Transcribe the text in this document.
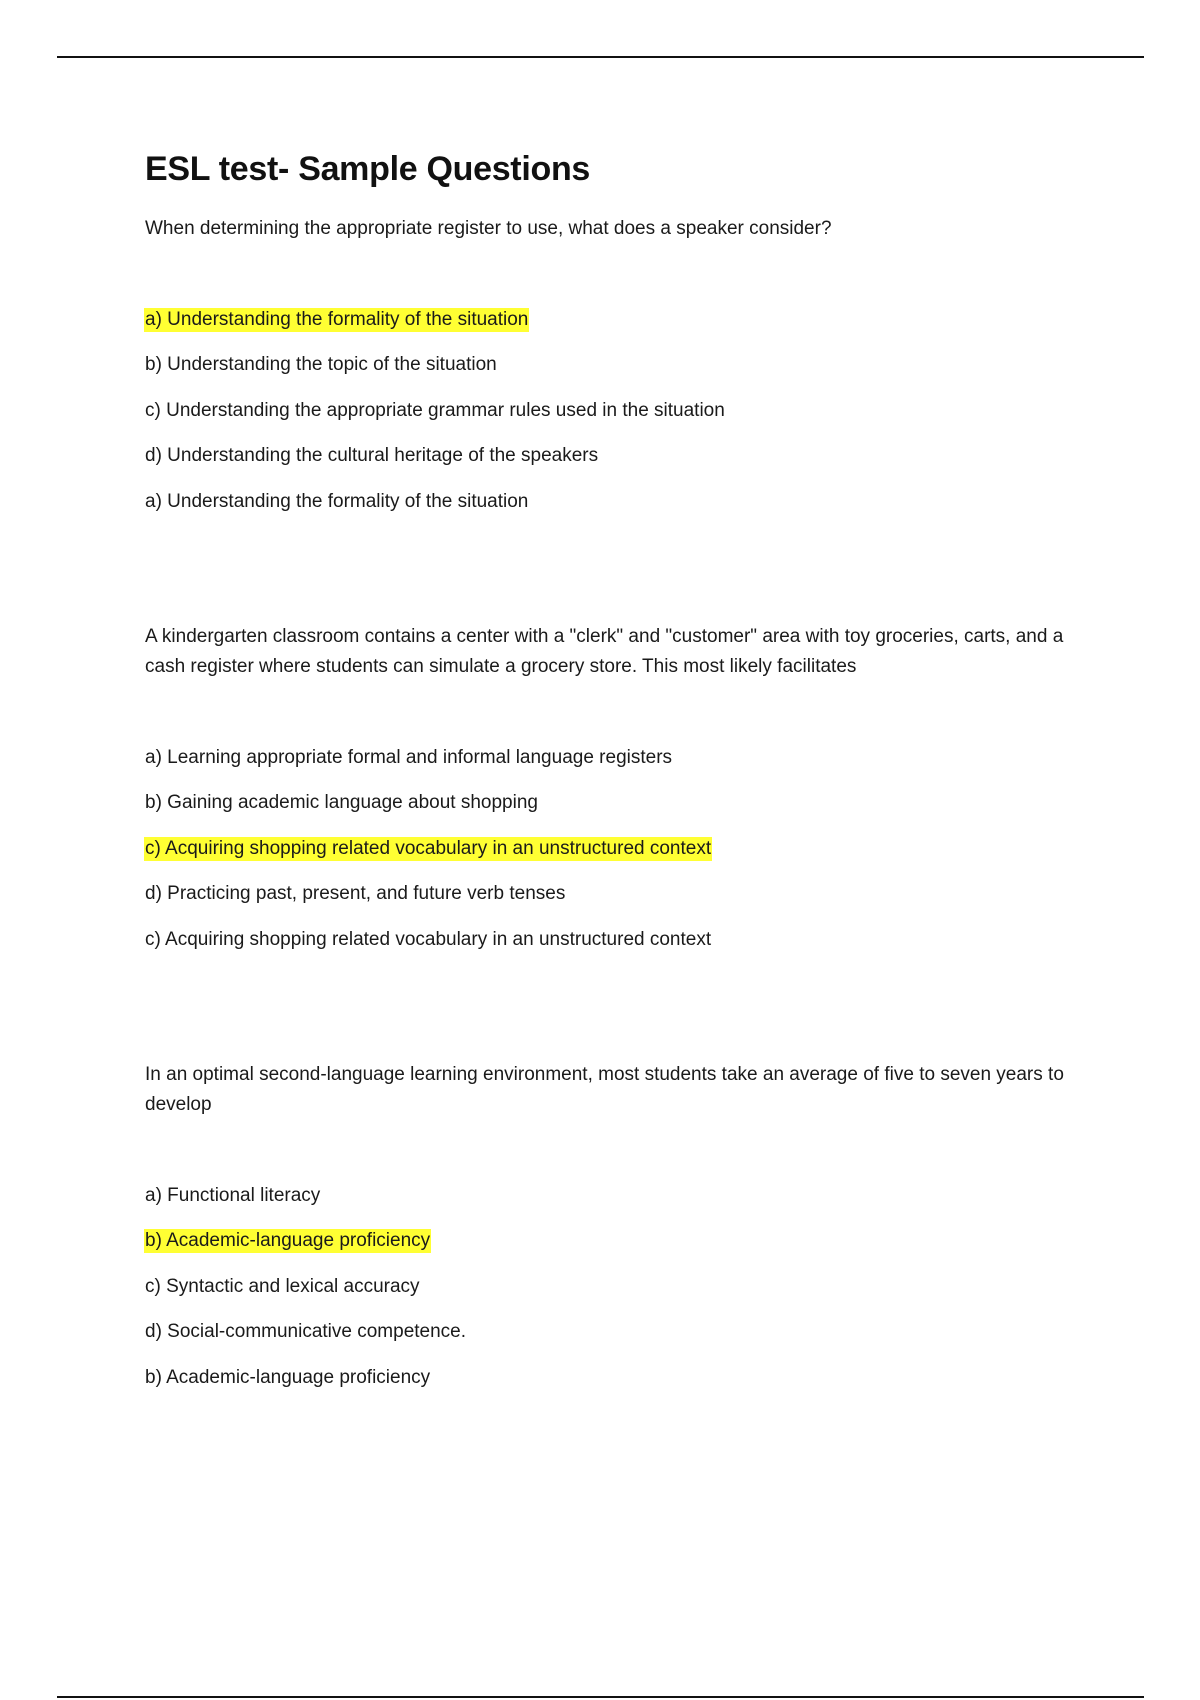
ESL test- Sample Questions
When determining the appropriate register to use, what does a speaker consider?
a) Understanding the formality of the situation
b) Understanding the topic of the situation
c) Understanding the appropriate grammar rules used in the situation
d) Understanding the cultural heritage of the speakers
a) Understanding the formality of the situation
A kindergarten classroom contains a center with a "clerk" and "customer" area with toy groceries, carts, and a cash register where students can simulate a grocery store. This most likely facilitates
a) Learning appropriate formal and informal language registers
b) Gaining academic language about shopping
c) Acquiring shopping related vocabulary in an unstructured context
d) Practicing past, present, and future verb tenses
c) Acquiring shopping related vocabulary in an unstructured context
In an optimal second-language learning environment, most students take an average of five to seven years to develop
a) Functional literacy
b) Academic-language proficiency
c) Syntactic and lexical accuracy
d) Social-communicative competence.
b) Academic-language proficiency
